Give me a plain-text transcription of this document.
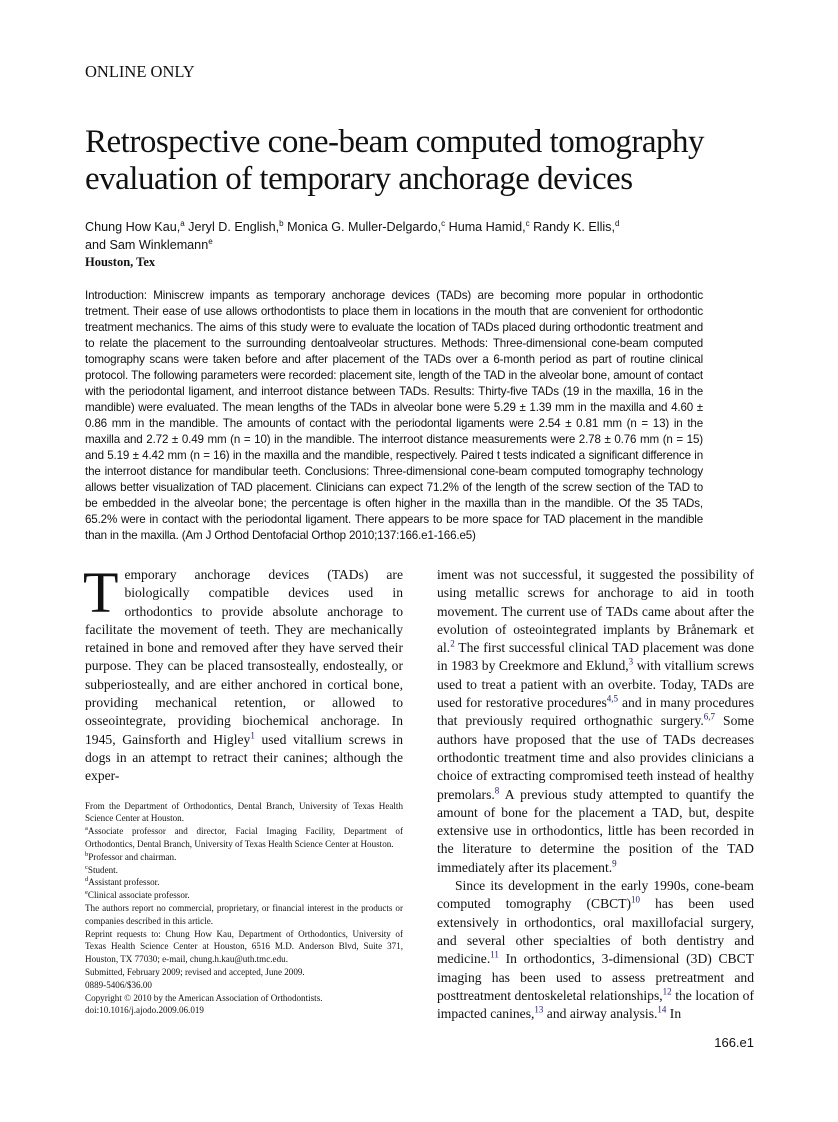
ONLINE ONLY
Retrospective cone-beam computed tomography evaluation of temporary anchorage devices
Chung How Kau,$^a$ Jeryl D. English,$^b$ Monica G. Muller-Delgardo,$^c$ Huma Hamid,$^c$ Randy K. Ellis,$^d$
and Sam Winklemann$^e$
Houston, Tex
Introduction: Miniscrew impants as temporary anchorage devices (TADs) are becoming more popular in orthodontic tretment. Their ease of use allows orthodontists to place them in locations in the mouth that are convenient for orthodontic treatment mechanics. The aims of this study were to evaluate the location of TADs placed during orthodontic treatment and to relate the placement to the surrounding dentoalveolar structures. Methods: Three-dimensional cone-beam computed tomography scans were taken before and after placement of the TADs over a 6-month period as part of routine clinical protocol. The following parameters were recorded: placement site, length of the TAD in the alveolar bone, amount of contact with the periodontal ligament, and interroot distance between TADs. Results: Thirty-five TADs (19 in the maxilla, 16 in the mandible) were evaluated. The mean lengths of the TADs in alveolar bone were 5.29 ± 1.39 mm in the maxilla and 4.60 ± 0.86 mm in the mandible. The amounts of contact with the periodontal ligaments were 2.54 ± 0.81 mm (n = 13) in the maxilla and 2.72 ± 0.49 mm (n = 10) in the mandible. The interroot distance measurements were 2.78 ± 0.76 mm (n = 15) and 5.19 ± 4.42 mm (n = 16) in the maxilla and the mandible, respectively. Paired t tests indicated a significant difference in the interroot distance for mandibular teeth. Conclusions: Three-dimensional cone-beam computed tomography technology allows better visualization of TAD placement. Clinicians can expect 71.2% of the length of the screw section of the TAD to be embedded in the alveolar bone; the percentage is often higher in the maxilla than in the mandible. Of the 35 TADs, 65.2% were in contact with the periodontal ligament. There appears to be more space for TAD placement in the mandible than in the maxilla. (Am J Orthod Dentofacial Orthop 2010;137:166.e1-166.e5)
T emporary anchorage devices (TADs) are biologically compatible devices used in orthodontics to provide absolute anchorage to facilitate the movement of teeth. They are mechanically retained in bone and removed after they have served their purpose. They can be placed transosteally, endosteally, or subperiosteally, and are either anchored in cortical bone, providing mechanical retention, or allowed to osseointegrate, providing biochemical anchorage. In 1945, Gainsforth and Higley$^1$ used vitallium screws in dogs in an attempt to retract their canines; although the exper-

From the Department of Orthodontics, Dental Branch, University of Texas Health Science Center at Houston.

$^a$Associate professor and director, Facial Imaging Facility, Department of Orthodontics, Dental Branch, University of Texas Health Science Center at Houston.

$^b$Professor and chairman.

$^c$Student.

$^d$Assistant professor.

$^e$Clinical associate professor.

The authors report no commercial, proprietary, or financial interest in the products or companies described in this article.

Reprint requests to: Chung How Kau, Department of Orthodontics, University of Texas Health Science Center at Houston, 6516 M.D. Anderson Blvd, Suite 371, Houston, TX 77030; e-mail, chung.h.kau@uth.tmc.edu.

Submitted, February 2009; revised and accepted, June 2009.

0889-5406/$36.00

Copyright © 2010 by the American Association of Orthodontists.

doi:10.1016/j.ajodo.2009.06.019

iment was not successful, it suggested the possibility of using metallic screws for anchorage to aid in tooth movement. The current use of TADs came about after the evolution of osteointegrated implants by Brånemark et al.$^2$ The first successful clinical TAD placement was done in 1983 by Creekmore and Eklund,$^3$ with vitallium screws used to treat a patient with an overbite. Today, TADs are used for restorative procedures$^{4,5}$ and in many procedures that previously required orthognathic surgery.$^{6,7}$ Some authors have proposed that the use of TADs decreases orthodontic treatment time and also provides clinicians a choice of extracting compromised teeth instead of healthy premolars.$^8$ A previous study attempted to quantify the amount of bone for the placement a TAD, but, despite extensive use in orthodontics, little has been recorded in the literature to determine the position of the TAD immediately after its placement.$^9$

Since its development in the early 1990s, cone-beam computed tomography (CBCT)$^{10}$ has been used extensively in orthodontics, oral maxillofacial surgery, and several other specialties of both dentistry and medicine.$^{11}$ In orthodontics, 3-dimensional (3D) CBCT imaging has been used to assess pretreatment and posttreatment dentoskeletal relationships,$^{12}$ the location of impacted canines,$^{13}$ and airway analysis.$^{14}$ In

166.e1
